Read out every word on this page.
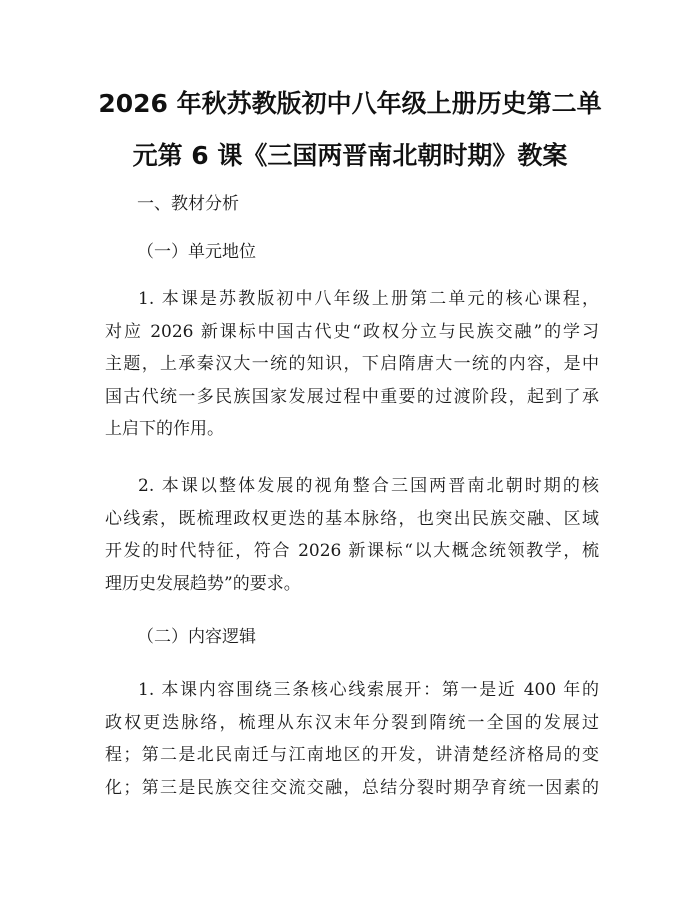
2026 年秋苏教版初中八年级上册历史第二单
元第 6 课《三国两晋南北朝时期》教案

一、教材分析

（一）单元地位

1. 本课是苏教版初中八年级上册第二单元的核心课程，
对应 2026 新课标中国古代史“政权分立与民族交融”的学习
主题，上承秦汉大一统的知识，下启隋唐大一统的内容，是中
国古代统一多民族国家发展过程中重要的过渡阶段，起到了承
上启下的作用。
2. 本课以整体发展的视角整合三国两晋南北朝时期的核
心线索，既梳理政权更迭的基本脉络，也突出民族交融、区域
开发的时代特征，符合 2026 新课标“以大概念统领教学，梳
理历史发展趋势”的要求。

（二）内容逻辑

1. 本课内容围绕三条核心线索展开：第一是近 400 年的
政权更迭脉络，梳理从东汉末年分裂到隋统一全国的发展过
程；第二是北民南迁与江南地区的开发，讲清楚经济格局的变
化；第三是民族交往交流交融，总结分裂时期孕育统一因素的
